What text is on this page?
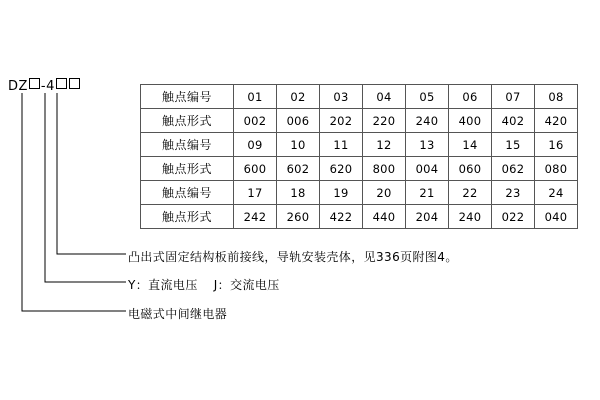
DZ -4
触点编号	01	02	03	04	05	06	07	08
触点形式	002	006	202	220	240	400	402	420
触点编号	09	10	11	12	13	14	15	16
触点形式	600	602	620	800	004	060	062	080
触点编号	17	18	19	20	21	22	23	24
触点形式	242	260	422	440	204	240	022	040
凸出式固定结构板前接线，导轨安装壳体，见336页附图4。
Y：直流电压 J：交流电压
电磁式中间继电器
